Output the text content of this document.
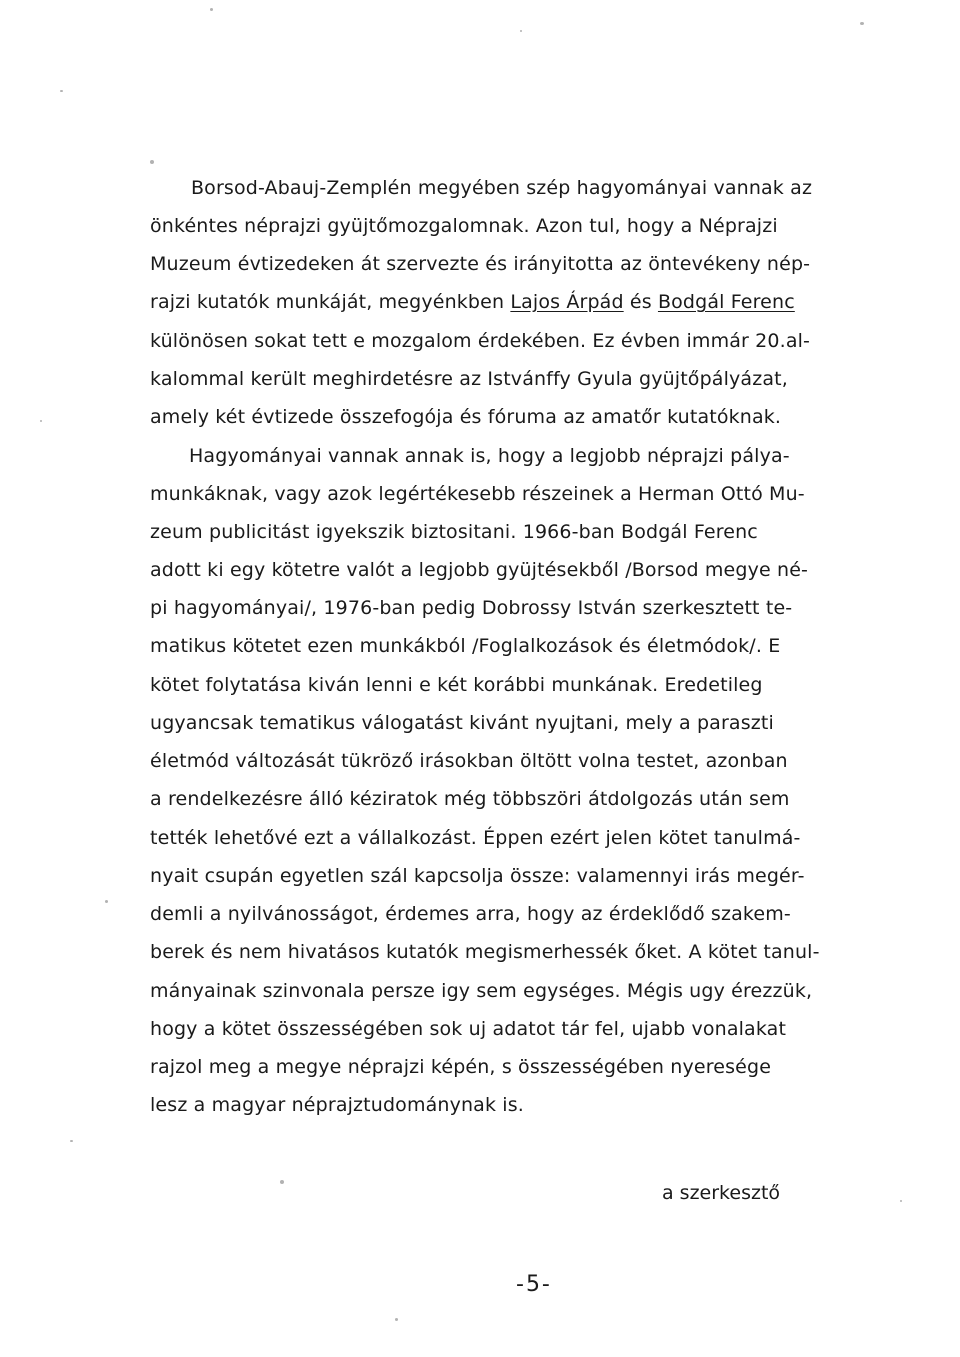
Borsod-Abauj-Zemplén megyében szép hagyományai vannak az
önkéntes néprajzi gyüjtőmozgalomnak. Azon tul, hogy a Néprajzi
Muzeum évtizedeken át szervezte és irányitotta az öntevékeny nép-
rajzi kutatók munkáját, megyénkben Lajos Árpád és Bodgál Ferenc
különösen sokat tett e mozgalom érdekében. Ez évben immár 20.al-
kalommal került meghirdetésre az Istvánffy Gyula gyüjtőpályázat,
amely két évtizede összefogója és fóruma az amatőr kutatóknak.
Hagyományai vannak annak is, hogy a legjobb néprajzi pálya-
munkáknak, vagy azok legértékesebb részeinek a Herman Ottó Mu-
zeum publicitást igyekszik biztositani. 1966-ban Bodgál Ferenc
adott ki egy kötetre valót a legjobb gyüjtésekből /Borsod megye né-
pi hagyományai/, 1976-ban pedig Dobrossy István szerkesztett te-
matikus kötetet ezen munkákból /Foglalkozások és életmódok/. E
kötet folytatása kiván lenni e két korábbi munkának. Eredetileg
ugyancsak tematikus válogatást kivánt nyujtani, mely a paraszti
életmód változását tükröző irásokban öltött volna testet, azonban
a rendelkezésre álló kéziratok még többszöri átdolgozás után sem
tették lehetővé ezt a vállalkozást. Éppen ezért jelen kötet tanulmá-
nyait csupán egyetlen szál kapcsolja össze: valamennyi irás megér-
demli a nyilvánosságot, érdemes arra, hogy az érdeklődő szakem-
berek és nem hivatásos kutatók megismerhessék őket. A kötet tanul-
mányainak szinvonala persze igy sem egységes. Mégis ugy érezzük,
hogy a kötet összességében sok uj adatot tár fel, ujabb vonalakat
rajzol meg a megye néprajzi képén, s összességében nyeresége
lesz a magyar néprajztudománynak is.
a szerkesztő
-5-
